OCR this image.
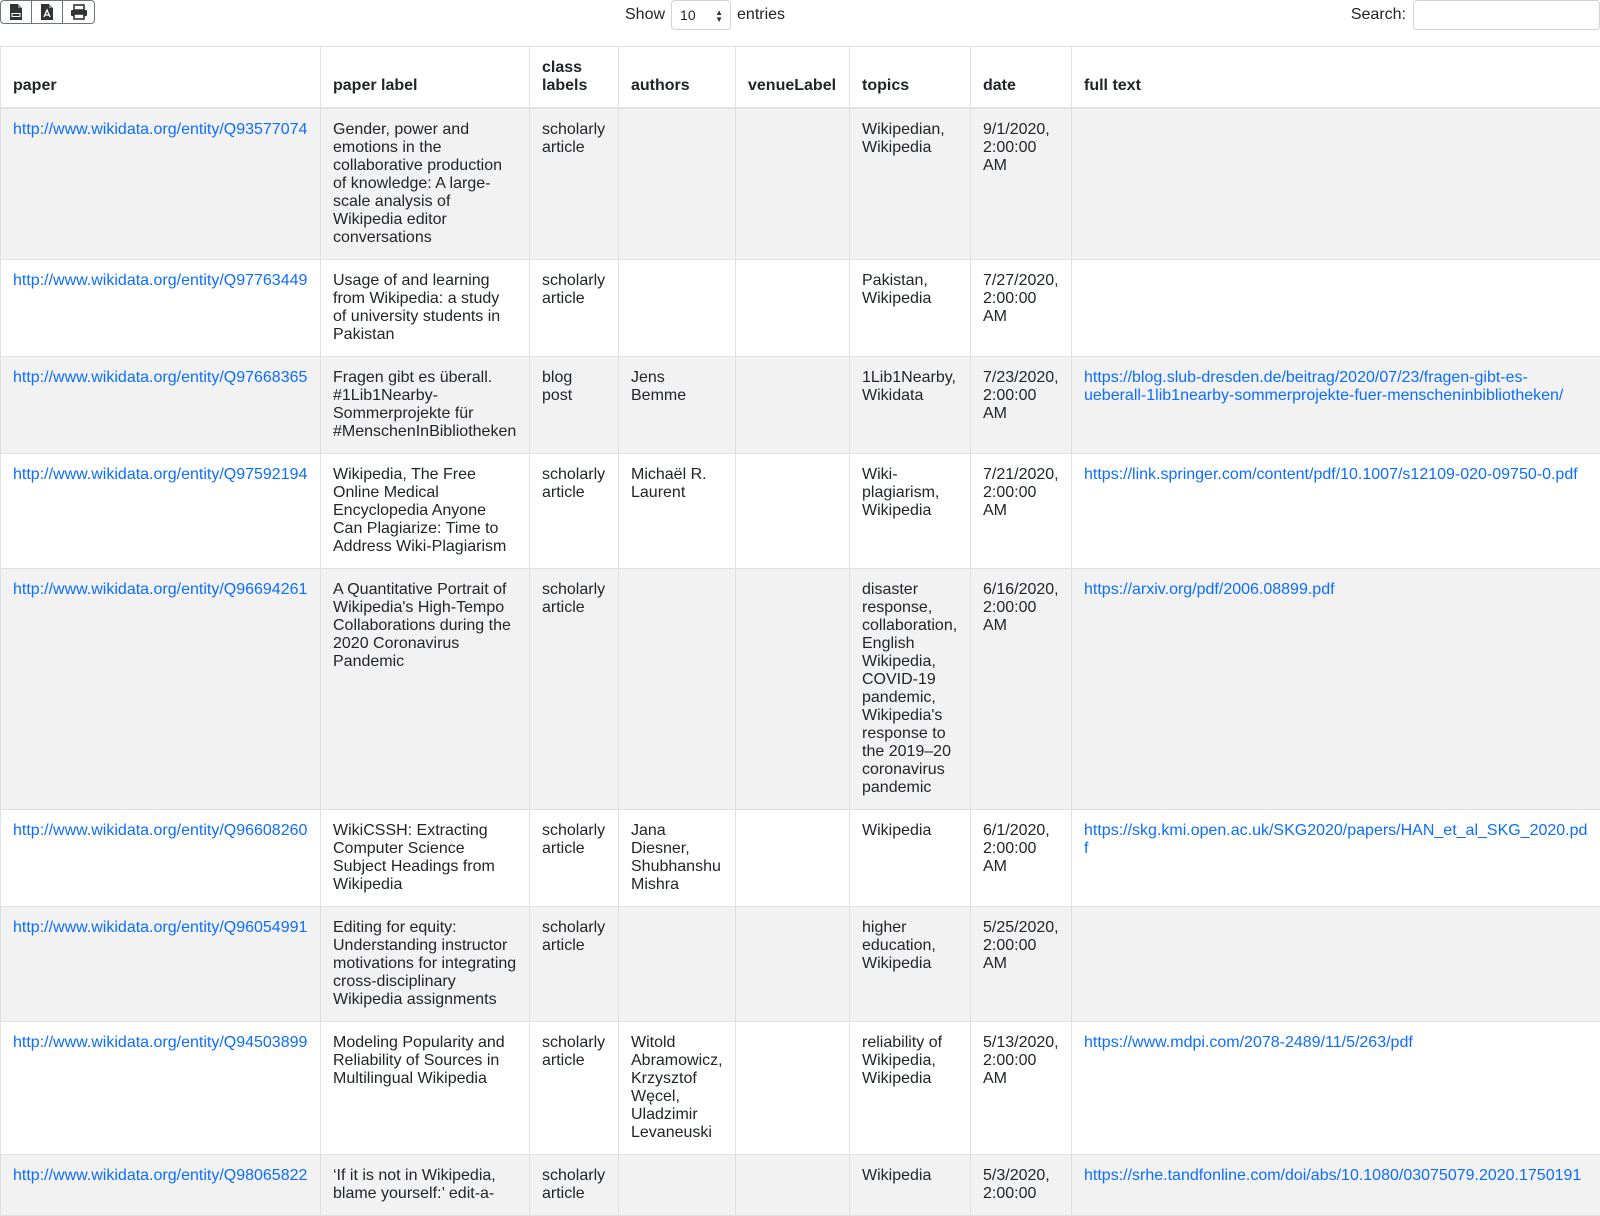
Show 10 ▲
▼ entries	Search:
paper	paper label	class labels	authors	venueLabel	topics	date	full text
http://www.wikidata.org/entity/Q93577074	Gender, power and emotions in the collaborative production of knowledge: A large-scale analysis of Wikipedia editor conversations	scholarly article			Wikipedian, Wikipedia	9/1/2020, 2:00:00 AM	
http://www.wikidata.org/entity/Q97763449	Usage of and learning from Wikipedia: a study of university students in Pakistan	scholarly article			Pakistan, Wikipedia	7/27/2020, 2:00:00 AM	
http://www.wikidata.org/entity/Q97668365	Fragen gibt es überall. #1Lib1Nearby-Sommerprojekte für #MenschenInBibliotheken	blog post	Jens Bemme		1Lib1Nearby, Wikidata	7/23/2020, 2:00:00 AM	https://blog.slub-dresden.de/beitrag/2020/07/23/fragen-gibt-es-ueberall-1lib1nearby-sommerprojekte-fuer-menscheninbibliotheken/
http://www.wikidata.org/entity/Q97592194	Wikipedia, The Free Online Medical Encyclopedia Anyone Can Plagiarize: Time to Address Wiki-Plagiarism	scholarly article	Michaël R. Laurent		Wiki-plagiarism, Wikipedia	7/21/2020, 2:00:00 AM	https://link.springer.com/content/pdf/10.1007/s12109-020-09750-0.pdf
http://www.wikidata.org/entity/Q96694261	A Quantitative Portrait of Wikipedia's High-Tempo Collaborations during the 2020 Coronavirus Pandemic	scholarly article			disaster response, collaboration, English Wikipedia, COVID-19 pandemic, Wikipedia's response to the 2019–20 coronavirus pandemic	6/16/2020, 2:00:00 AM	https://arxiv.org/pdf/2006.08899.pdf
http://www.wikidata.org/entity/Q96608260	WikiCSSH: Extracting Computer Science Subject Headings from Wikipedia	scholarly article	Jana Diesner, Shubhanshu Mishra		Wikipedia	6/1/2020, 2:00:00 AM	https://skg.kmi.open.ac.uk/SKG2020/papers/HAN_et_al_SKG_2020.pdf
http://www.wikidata.org/entity/Q96054991	Editing for equity: Understanding instructor motivations for integrating cross-disciplinary Wikipedia assignments	scholarly article			higher education, Wikipedia	5/25/2020, 2:00:00 AM	
http://www.wikidata.org/entity/Q94503899	Modeling Popularity and Reliability of Sources in Multilingual Wikipedia	scholarly article	Witold Abramowicz, Krzysztof Węcel, Uladzimir Levaneuski		reliability of Wikipedia, Wikipedia	5/13/2020, 2:00:00 AM	https://www.mdpi.com/2078-2489/11/5/263/pdf
http://www.wikidata.org/entity/Q98065822	‘If it is not in Wikipedia, blame yourself:’ edit-a-	scholarly article			Wikipedia	5/3/2020, 2:00:00	https://srhe.tandfonline.com/doi/abs/10.1080/03075079.2020.1750191
